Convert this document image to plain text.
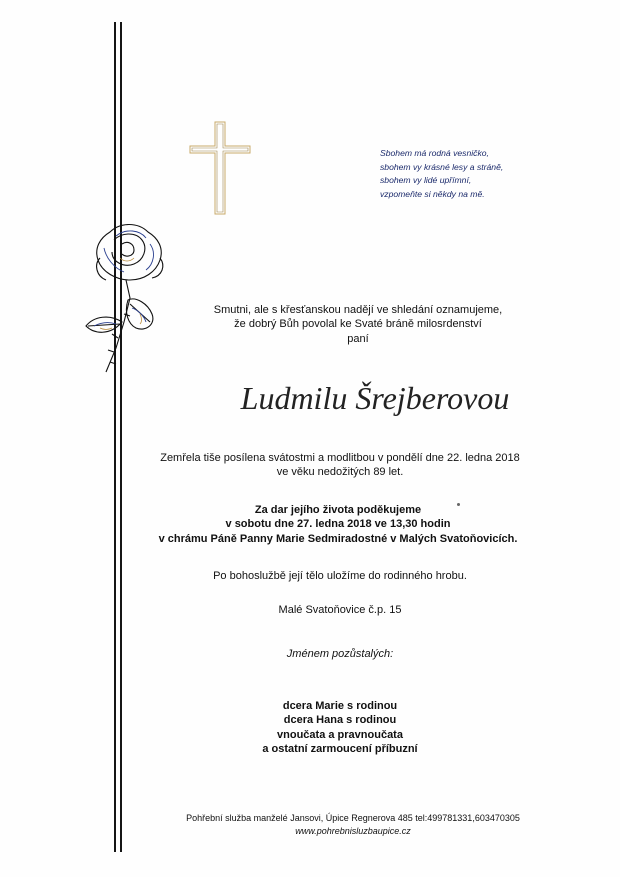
Sbohem má rodná vesničko,
sbohem vy krásné lesy a stráně,
sbohem vy lidé upřímní,
vzpomeňte si někdy na mě.
Smutni, ale s křesťanskou nadějí ve shledání oznamujeme,
že dobrý Bůh povolal ke Svaté bráně milosrdenství
paní
Ludmilu Šrejberovou
Zemřela tiše posílena svátostmi a modlitbou v pondělí dne 22. ledna 2018
ve věku nedožitých 89 let.
Za dar jejího života poděkujeme
v sobotu dne 27. ledna 2018 ve 13,30 hodin
v chrámu Páně Panny Marie Sedmiradostné v Malých Svatoňovicích.
Po bohoslužbě její tělo uložíme do rodinného hrobu.
Malé Svatoňovice č.p. 15
Jménem pozůstalých:
dcera Marie s rodinou
dcera Hana s rodinou
vnoučata a pravnoučata
a ostatní zarmoucení příbuzní
Pohřební služba manželé Jansovi, Úpice Regnerova 485 tel:499781331,603470305
www.pohrebnisluzbaupice.cz
